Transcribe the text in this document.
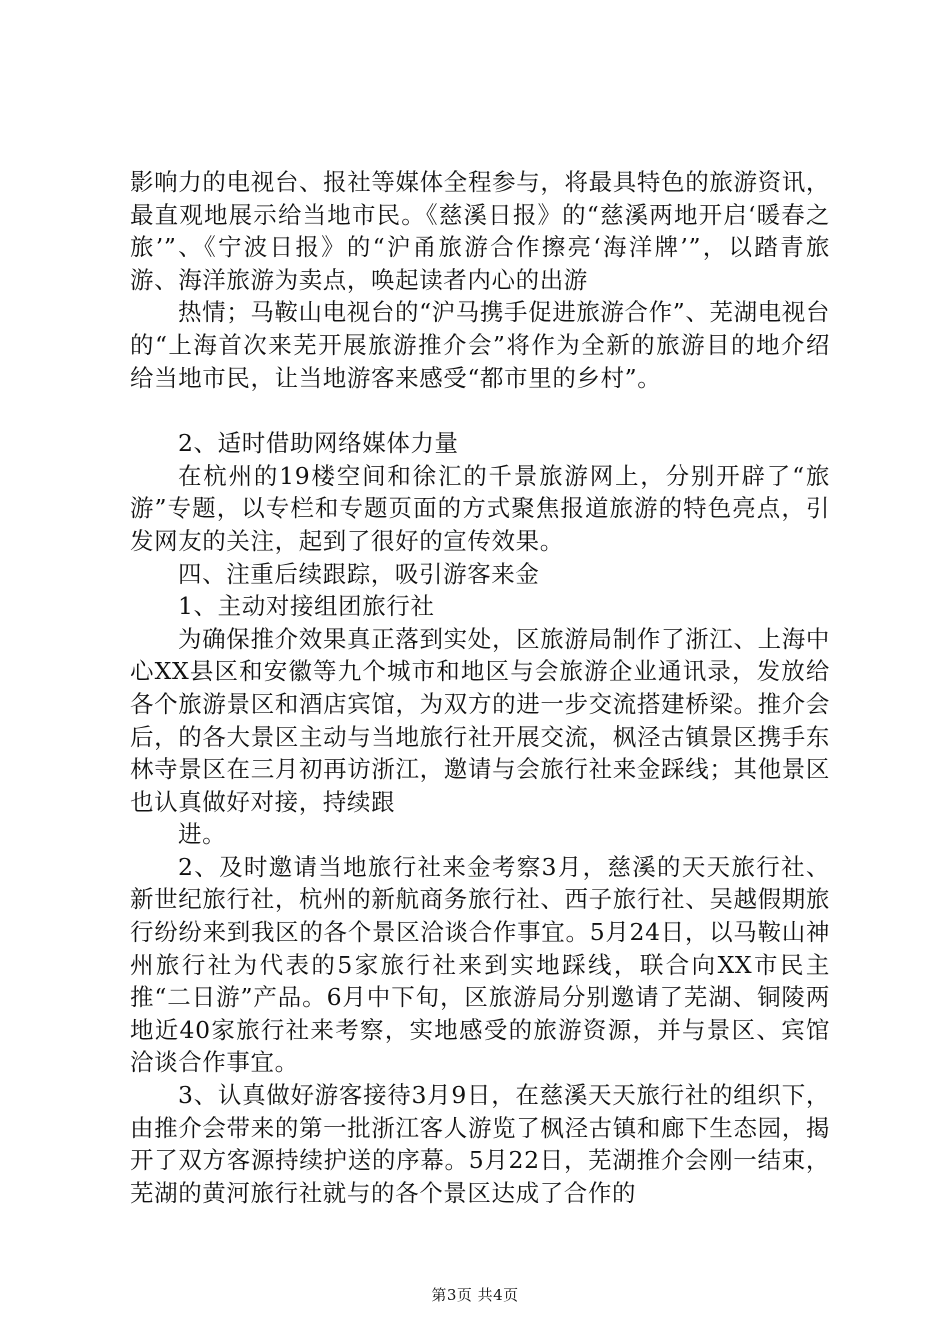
影响力的电视台、报社等媒体全程参与，将最具特色的旅游资讯，最直观地展示给当地市民。《慈溪日报》的“慈溪两地开启‘暖春之旅’”、《宁波日报》的“沪甬旅游合作擦亮‘海洋牌’”，以踏青旅游、海洋旅游为卖点，唤起读者内心的出游

热情；马鞍山电视台的“沪马携手促进旅游合作”、芜湖电视台的“上海首次来芜开展旅游推介会”将作为全新的旅游目的地介绍给当地市民，让当地游客来感受“都市里的乡村”。

2、适时借助网络媒体力量

在杭州的19楼空间和徐汇的千景旅游网上，分别开辟了“旅游”专题，以专栏和专题页面的方式聚焦报道旅游的特色亮点，引发网友的关注，起到了很好的宣传效果。

四、注重后续跟踪，吸引游客来金

1、主动对接组团旅行社

为确保推介效果真正落到实处，区旅游局制作了浙江、上海中心XX县区和安徽等九个城市和地区与会旅游企业通讯录，发放给各个旅游景区和酒店宾馆，为双方的进一步交流搭建桥梁。推介会后，的各大景区主动与当地旅行社开展交流，枫泾古镇景区携手东林寺景区在三月初再访浙江，邀请与会旅行社来金踩线；其他景区也认真做好对接，持续跟

进。

2、及时邀请当地旅行社来金考察3月，慈溪的天天旅行社、新世纪旅行社，杭州的新航商务旅行社、西子旅行社、吴越假期旅行纷纷来到我区的各个景区洽谈合作事宜。5月24日，以马鞍山神州旅行社为代表的5家旅行社来到实地踩线，联合向XX市民主推“二日游”产品。6月中下旬，区旅游局分别邀请了芜湖、铜陵两地近40家旅行社来考察，实地感受的旅游资源，并与景区、宾馆洽谈合作事宜。

3、认真做好游客接待3月9日，在慈溪天天旅行社的组织下，由推介会带来的第一批浙江客人游览了枫泾古镇和廊下生态园，揭开了双方客源持续护送的序幕。5月22日，芜湖推介会刚一结束，芜湖的黄河旅行社就与的各个景区达成了合作的

第3页 共4页
